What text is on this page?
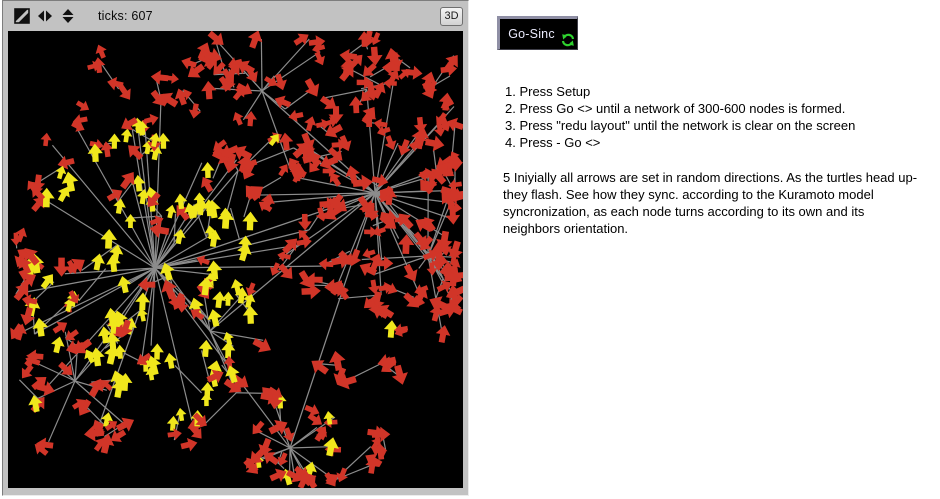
ticks: 607	3D
Go-Sinc
1. Press Setup
2. Press Go <> until a network of 300-600 nodes is formed.
3. Press "redu layout" until the network is clear on the screen
4. Press - Go <>

5 Iniyially all arrows are set in random directions. As the turtles head up- they flash. See how they sync. according to the Kuramoto model syncronization, as each node turns according to its own and its neighbors orientation.
